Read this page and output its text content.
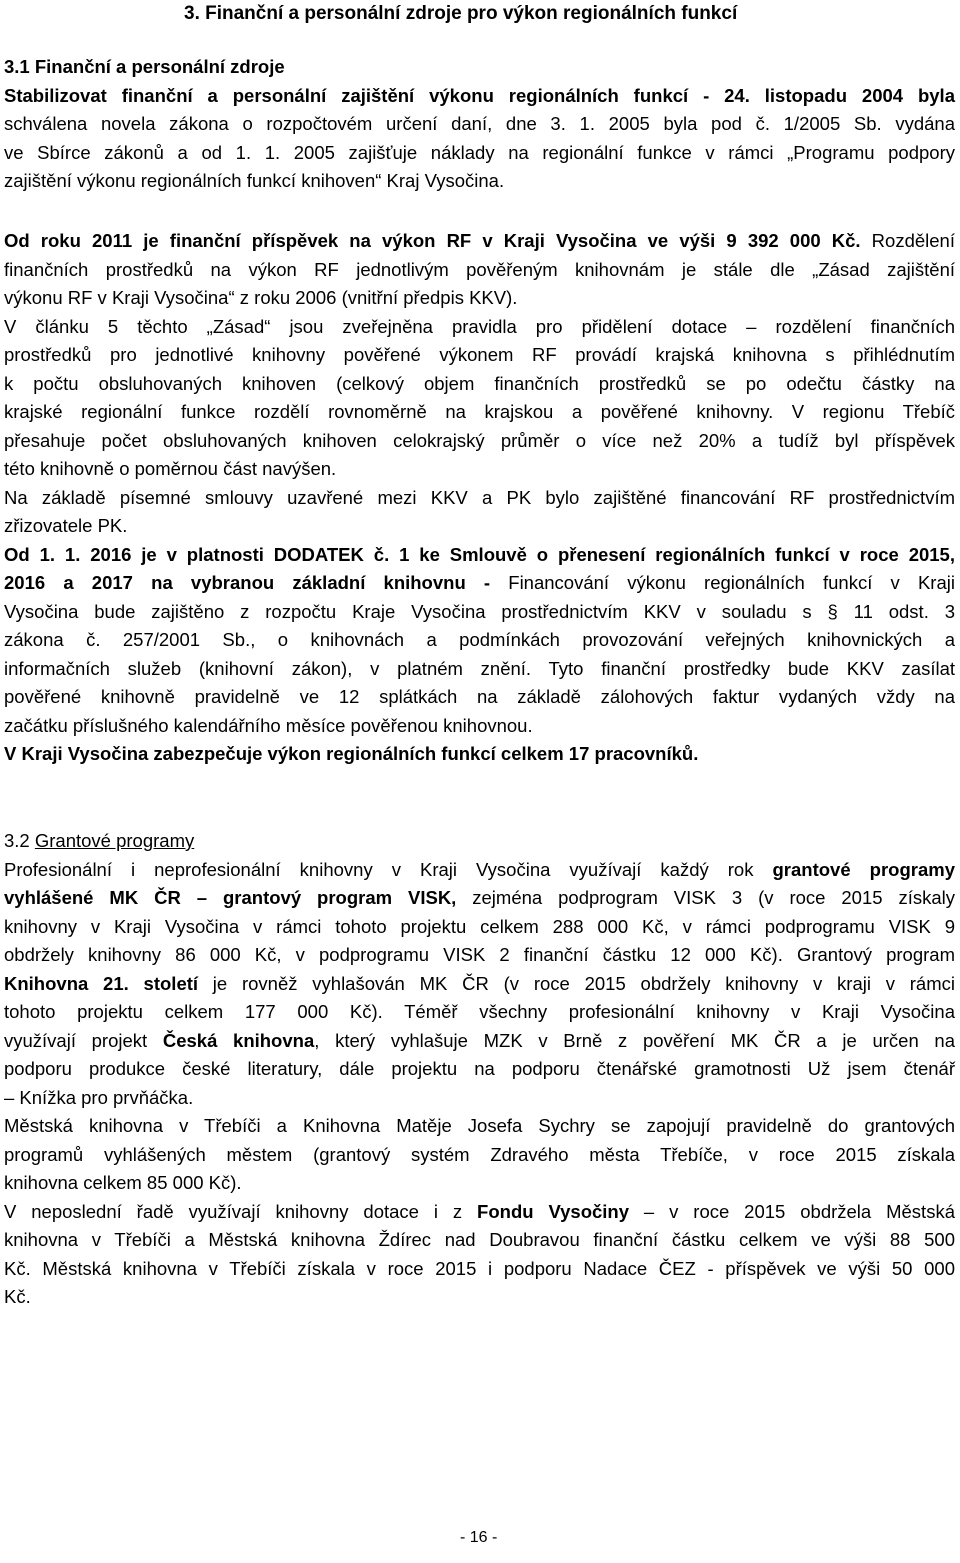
3. Finanční a personální zdroje pro výkon regionálních funkcí
3.1 Finanční a personální zdroje
Stabilizovat finanční a personální zajištění výkonu regionálních funkcí - 24. listopadu 2004 byla
schválena novela zákona o rozpočtovém určení daní, dne 3. 1. 2005 byla pod č. 1/2005 Sb. vydána
ve Sbírce zákonů a od 1. 1. 2005 zajišťuje náklady na regionální funkce v rámci „Programu podpory
zajištění výkonu regionálních funkcí knihoven“ Kraj Vysočina.
Od roku 2011 je finanční příspěvek na výkon RF v Kraji Vysočina ve výši 9 392 000 Kč. Rozdělení
finančních prostředků na výkon RF jednotlivým pověřeným knihovnám je stále dle „Zásad zajištění
výkonu RF v Kraji Vysočina“ z roku 2006 (vnitřní předpis KKV).
V článku 5 těchto „Zásad“ jsou zveřejněna pravidla pro přidělení dotace – rozdělení finančních
prostředků pro jednotlivé knihovny pověřené výkonem RF provádí krajská knihovna s přihlédnutím
k počtu obsluhovaných knihoven (celkový objem finančních prostředků se po odečtu částky na
krajské regionální funkce rozdělí rovnoměrně na krajskou a pověřené knihovny. V regionu Třebíč
přesahuje počet obsluhovaných knihoven celokrajský průměr o více než 20% a tudíž byl příspěvek
této knihovně o poměrnou část navýšen.
Na základě písemné smlouvy uzavřené mezi KKV a PK bylo zajištěné financování RF prostřednictvím
zřizovatele PK.
Od 1. 1. 2016 je v platnosti DODATEK č. 1 ke Smlouvě o přenesení regionálních funkcí v roce 2015,
2016 a 2017 na vybranou základní knihovnu - Financování výkonu regionálních funkcí v Kraji
Vysočina bude zajištěno z rozpočtu Kraje Vysočina prostřednictvím KKV v souladu s § 11 odst. 3
zákona č. 257/2001 Sb., o knihovnách a podmínkách provozování veřejných knihovnických a
informačních služeb (knihovní zákon), v platném znění. Tyto finanční prostředky bude KKV zasílat
pověřené knihovně pravidelně ve 12 splátkách na základě zálohových faktur vydaných vždy na
začátku příslušného kalendářního měsíce pověřenou knihovnou.
V Kraji Vysočina zabezpečuje výkon regionálních funkcí celkem 17 pracovníků.
3.2 Grantové programy
Profesionální i neprofesionální knihovny v Kraji Vysočina využívají každý rok grantové programy
vyhlášené MK ČR – grantový program VISK, zejména podprogram VISK 3 (v roce 2015 získaly
knihovny v Kraji Vysočina v rámci tohoto projektu celkem 288 000 Kč, v rámci podprogramu VISK 9
obdržely knihovny 86 000 Kč, v podprogramu VISK 2 finanční částku 12 000 Kč). Grantový program
Knihovna 21. století je rovněž vyhlašován MK ČR (v roce 2015 obdržely knihovny v kraji v rámci
tohoto projektu celkem 177 000 Kč). Téměř všechny profesionální knihovny v Kraji Vysočina
využívají projekt Česká knihovna, který vyhlašuje MZK v Brně z pověření MK ČR a je určen na
podporu produkce české literatury, dále projektu na podporu čtenářské gramotnosti Už jsem čtenář
– Knížka pro prvňáčka.
Městská knihovna v Třebíči a Knihovna Matěje Josefa Sychry se zapojují pravidelně do grantových
programů vyhlášených městem (grantový systém Zdravého města Třebíče, v roce 2015 získala
knihovna celkem 85 000 Kč).
V neposlední řadě využívají knihovny dotace i z Fondu Vysočiny – v roce 2015 obdržela Městská
knihovna v Třebíči a Městská knihovna Ždírec nad Doubravou finanční částku celkem ve výši 88 500
Kč. Městská knihovna v Třebíči získala v roce 2015 i podporu Nadace ČEZ - příspěvek ve výši 50 000
Kč.
- 16 -
